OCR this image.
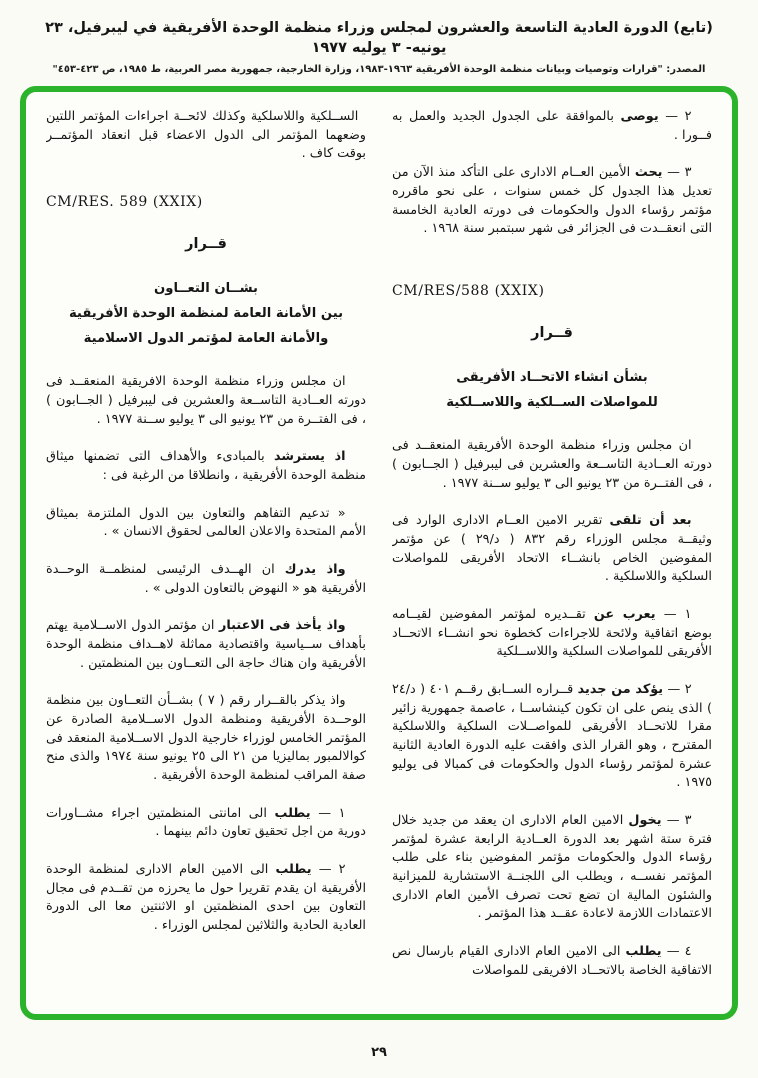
(تابع) الدورة العادية التاسعة والعشرون لمجلس وزراء منظمة الوحدة الأفريقية في ليبرفيل، ٢٣ يونيه- ٣ يوليه ١٩٧٧
المصدر: "قرارات وتوصيات وبيانات منظمة الوحدة الأفريقية ١٩٦٣-١٩٨٣، وزارة الخارجية، جمهورية مصر العربية، ط ١٩٨٥، ص ٤٢٣-٤٥٣"

٢ — يوصى بالموافقة على الجدول الجديد والعمل به فــورا .

٣ — يحث الأمين العــام الادارى على التأكد منذ الآن من تعديل هذا الجدول كل خمس سنوات ، على نحو ماقرره مؤتمر رؤساء الدول والحكومات فى دورته العادية الخامسة التى انعقــدت فى الجزائر فى شهر سبتمبر سنة ١٩٦٨ .

CM/RES/588 (XXIX)
قــرار

بشأن انشاء الاتحــاد الأفريقى

للمواصلات الســلكية واللاســلكية

ان مجلس وزراء منظمة الوحدة الأفريقية المنعقــد فى دورته العــادية التاســعة والعشرين فى ليبرفيل ( الجــابون ) ، فى الفتــرة من ٢٣ يونيو الى ٣ يوليو ســنة ١٩٧٧ .

بعد أن تلقى تقرير الامين العــام الادارى الوارد فى وثيقــة مجلس الوزراء رقم ٨٣٢ ( د/٢٩ ) عن مؤتمر المفوضين الخاص بانشــاء الاتحاد الأفريقى للمواصلات السلكية واللاسلكية .

١ — يعرب عن تقــديره لمؤتمر المفوضين لقيــامه بوضع اتفاقية ولائحة للاجراءات كخطوة نحو انشــاء الاتحــاد الأفريقى للمواصلات السلكية واللاســلكية

٢ — يؤكد من جديد قــراره الســابق رقــم ٤٠١ ( د/٢٤ ) الذى ينص على ان تكون كينشاســا ، عاصمة جمهورية زائير مقرا للاتحــاد الأفريقى للمواصــلات السلكية واللاسلكية المقترح ، وهو القرار الذى وافقت عليه الدورة العادية الثانية عشرة لمؤتمر رؤساء الدول والحكومات فى كمبالا فى يوليو ١٩٧٥ .

٣ — يخول الامين العام الادارى ان يعقد من جديد خلال فترة ستة اشهر بعد الدورة العــادية الرابعة عشرة لمؤتمر رؤساء الدول والحكومات مؤتمر المفوضين بناء على طلب المؤتمر نفســه ، ويطلب الى اللجنــة الاستشارية للميزانية والشئون المالية ان تضع تحت تصرف الأمين العام الادارى الاعتمادات اللازمة لاعادة عقــد هذا المؤتمر .

٤ — يطلب الى الامين العام الادارى القيام بارسال نص الاتفاقية الخاصة بالاتحــاد الافريقى للمواصلات

الســلكية واللاسلكية وكذلك لائحــة اجراءات المؤتمر اللتين وضعهما المؤتمر الى الدول الاعضاء قبل انعقاد المؤتمــر بوقت كاف .

CM/RES. 589 (XXIX)
قــرار

بشــان التعــاون

بين الأمانة العامة لمنظمة الوحدة الأفريقية

والأمانة العامة لمؤتمر الدول الاسلامية

ان مجلس وزراء منظمة الوحدة الافريقية المنعقــد فى دورته العــادية التاســعة والعشرين فى ليبرفيل ( الجــابون ) ، فى الفتــرة من ٢٣ يونيو الى ٣ يوليو ســنة ١٩٧٧ .

اذ يسترشد بالمبادىء والأهداف التى تضمنها ميثاق منظمة الوحدة الأفريقية ، وانطلاقا من الرغبة فى :

« تدعيم التفاهم والتعاون بين الدول الملتزمة بميثاق الأمم المتحدة والاعلان العالمى لحقوق الانسان » .

واذ يدرك ان الهــدف الرئيسى لمنظمــة الوحــدة الأفريقية هو « النهوض بالتعاون الدولى » .

واذ يأخذ فى الاعتبار ان مؤتمر الدول الاســلامية يهتم بأهداف ســياسية واقتصادية مماثلة لاهــداف منظمة الوحدة الأفريقية وان هناك حاجة الى التعــاون بين المنظمتين .

واذ يذكر بالقــرار رقم ( ٧ ) بشــأن التعــاون بين منظمة الوحــدة الأفريقية ومنظمة الدول الاســلامية الصادرة عن المؤتمر الخامس لوزراء خارجية الدول الاســلامية المنعقد فى كوالالمبور بماليزيا من ٢١ الى ٢٥ يونيو سنة ١٩٧٤ والذى منح صفة المراقب لمنظمة الوحدة الأفريقية .

١ — يطلب الى امانتى المنظمتين اجراء مشــاورات دورية من اجل تحقيق تعاون دائم بينهما .

٢ — يطلب الى الامين العام الادارى لمنظمة الوحدة الأفريقية ان يقدم تقريرا حول ما يحرزه من تقــدم فى مجال التعاون بين احدى المنظمتين او الاثنتين معا الى الدورة العادية الحادية والثلاثين لمجلس الوزراء .

٢٩
